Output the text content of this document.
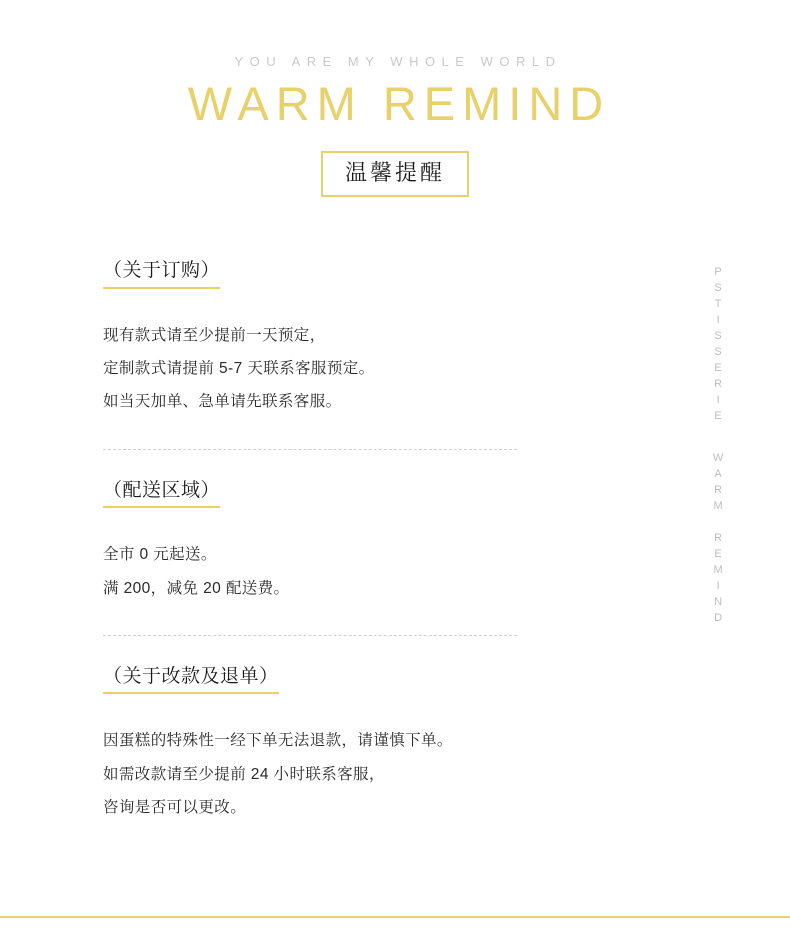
YOU ARE MY WHOLE WORLD

WARM REMIND
温馨提醒
PSTISSERIE
WARM REMIND
（关于订购）
现有款式请至少提前一天预定，
定制款式请提前 5-7 天联系客服预定。
如当天加单、急单请先联系客服。
（配送区域）
全市 0 元起送。
满 200，减免 20 配送费。
（关于改款及退单）
因蛋糕的特殊性一经下单无法退款，请谨慎下单。
如需改款请至少提前 24 小时联系客服，
咨询是否可以更改。
